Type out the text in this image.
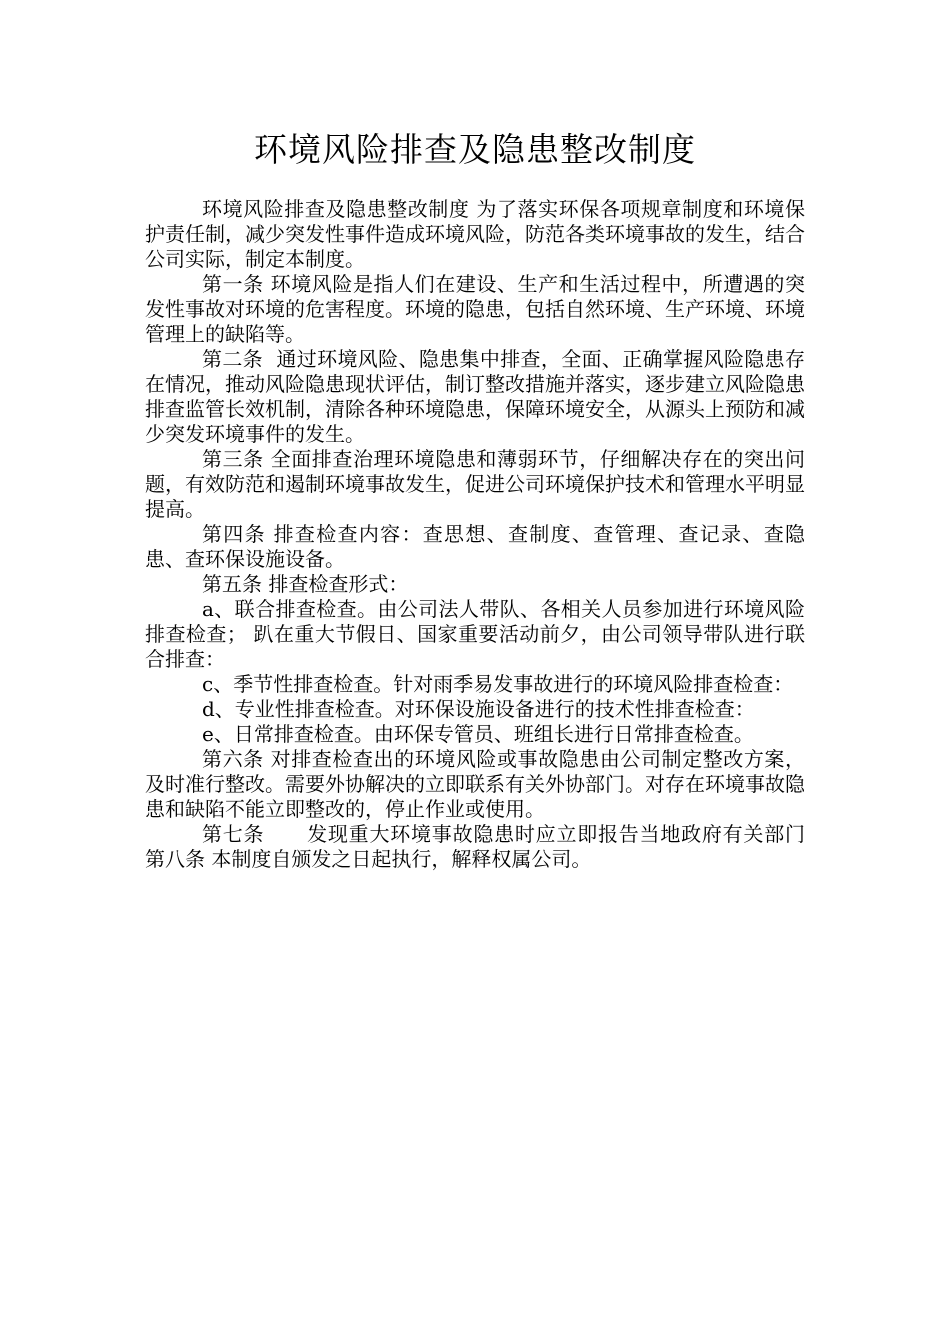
环境风险排查及隐患整改制度

环境风险排查及隐患整改制度 为了落实环保各项规章制度和环境保护责任制，减少突发性事件造成环境风险，防范各类环境事故的发生，结合公司实际，制定本制度。

第一条 环境风险是指人们在建设、生产和生活过程中，所遭遇的突发性事故对环境的危害程度。环境的隐患，包括自然环境、生产环境、环境管理上的缺陷等。

第二条  通过环境风险、隐患集中排查，全面、正确掌握风险隐患存在情况，推动风险隐患现状评估，制订整改措施并落实，逐步建立风险隐患排查监管长效机制，清除各种环境隐患，保障环境安全，从源头上预防和减少突发环境事件的发生。

第三条 全面排查治理环境隐患和薄弱环节，仔细解决存在的突出问题，有效防范和遏制环境事故发生，促进公司环境保护技术和管理水平明显提高。

第四条 排查检查内容：查思想、查制度、查管理、查记录、查隐患、查环保设施设备。

第五条 排查检查形式：

a、联合排查检查。由公司法人带队、各相关人员参加进行环境风险排查检查； 趴在重大节假日、国家重要活动前夕，由公司领导带队进行联合排查：

c、季节性排查检查。针对雨季易发事故进行的环境风险排查检查：

d、专业性排查检查。对环保设施设备进行的技术性排查检查：

e、日常排查检查。由环保专管员、班组长进行日常排查检查。

第六条 对排查检查出的环境风险或事故隐患由公司制定整改方案，及时准行整改。需要外协解决的立即联系有关外协部门。对存在环境事故隐患和缺陷不能立即整改的，停止作业或使用。

第七条      发现重大环境事故隐患时应立即报告当地政府有关部门 第八条 本制度自颁发之日起执行，解释权属公司。
